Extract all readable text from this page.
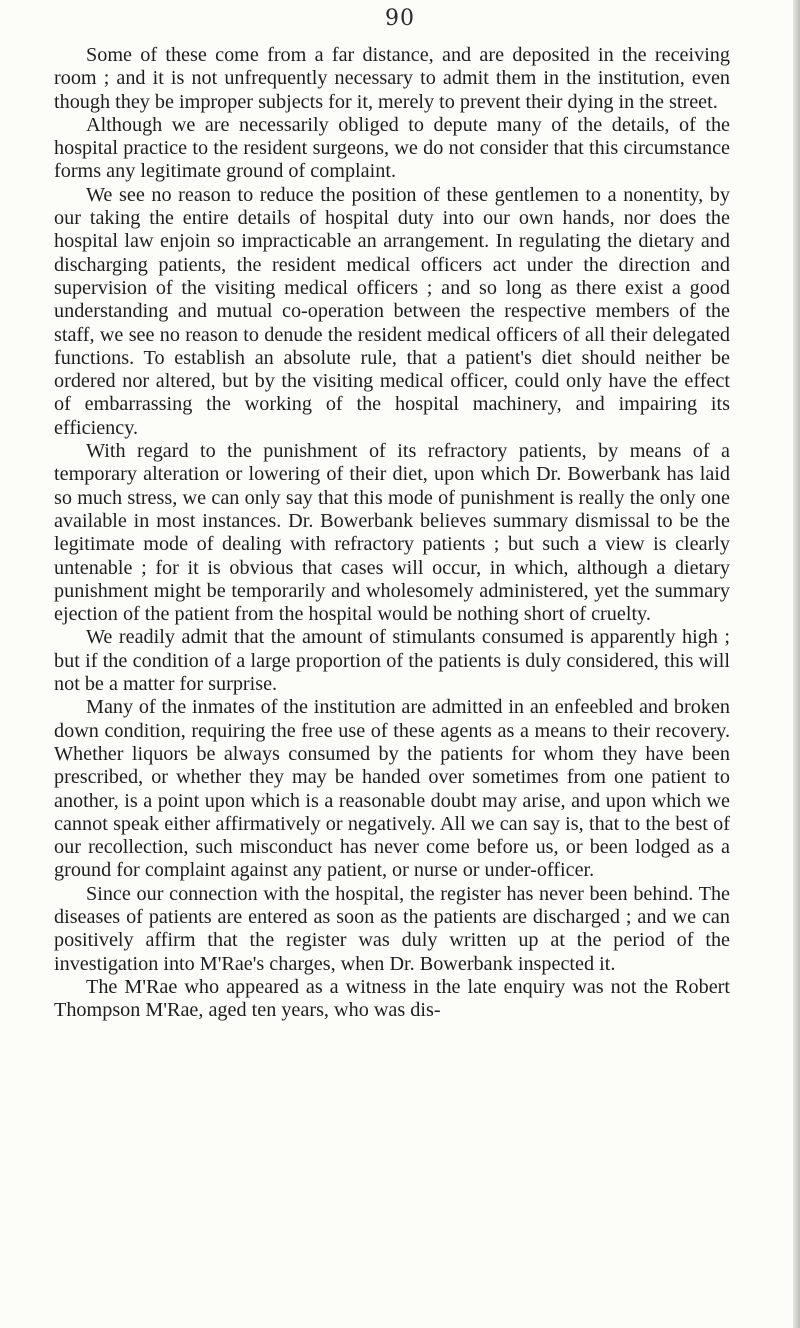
90

Some of these come from a far distance, and are deposited in the receiving room ; and it is not unfrequently necessary to admit them in the institution, even though they be improper subjects for it, merely to prevent their dying in the street.

Although we are necessarily obliged to depute many of the details, of the hospital practice to the resident surgeons, we do not consider that this circumstance forms any legitimate ground of complaint.

We see no reason to reduce the position of these gentlemen to a nonentity, by our taking the entire details of hospital duty into our own hands, nor does the hospital law enjoin so impracticable an arrangement. In regulating the dietary and discharging patients, the resident medical officers act under the direction and supervision of the visiting medical officers ; and so long as there exist a good understanding and mutual co-operation between the respective members of the staff, we see no reason to denude the resident medical officers of all their delegated functions. To establish an absolute rule, that a patient's diet should neither be ordered nor altered, but by the visiting medical officer, could only have the effect of embarrassing the working of the hospital machinery, and impairing its efficiency.

With regard to the punishment of its refractory patients, by means of a temporary alteration or lowering of their diet, upon which Dr. Bowerbank has laid so much stress, we can only say that this mode of punishment is really the only one available in most instances. Dr. Bowerbank believes summary dismissal to be the legitimate mode of dealing with refractory patients ; but such a view is clearly untenable ; for it is obvious that cases will occur, in which, although a dietary punishment might be temporarily and wholesomely administered, yet the summary ejection of the patient from the hospital would be nothing short of cruelty.

We readily admit that the amount of stimulants consumed is apparently high ; but if the condition of a large proportion of the patients is duly considered, this will not be a matter for surprise.

Many of the inmates of the institution are admitted in an enfeebled and broken down condition, requiring the free use of these agents as a means to their recovery. Whether liquors be always consumed by the patients for whom they have been prescribed, or whether they may be handed over sometimes from one patient to another, is a point upon which is a reasonable doubt may arise, and upon which we cannot speak either affirmatively or negatively. All we can say is, that to the best of our recollection, such misconduct has never come before us, or been lodged as a ground for complaint against any patient, or nurse or under-officer.

Since our connection with the hospital, the register has never been behind. The diseases of patients are entered as soon as the patients are discharged ; and we can positively affirm that the register was duly written up at the period of the investigation into M'Rae's charges, when Dr. Bowerbank inspected it.

The M'Rae who appeared as a witness in the late enquiry was not the Robert Thompson M'Rae, aged ten years, who was dis-
